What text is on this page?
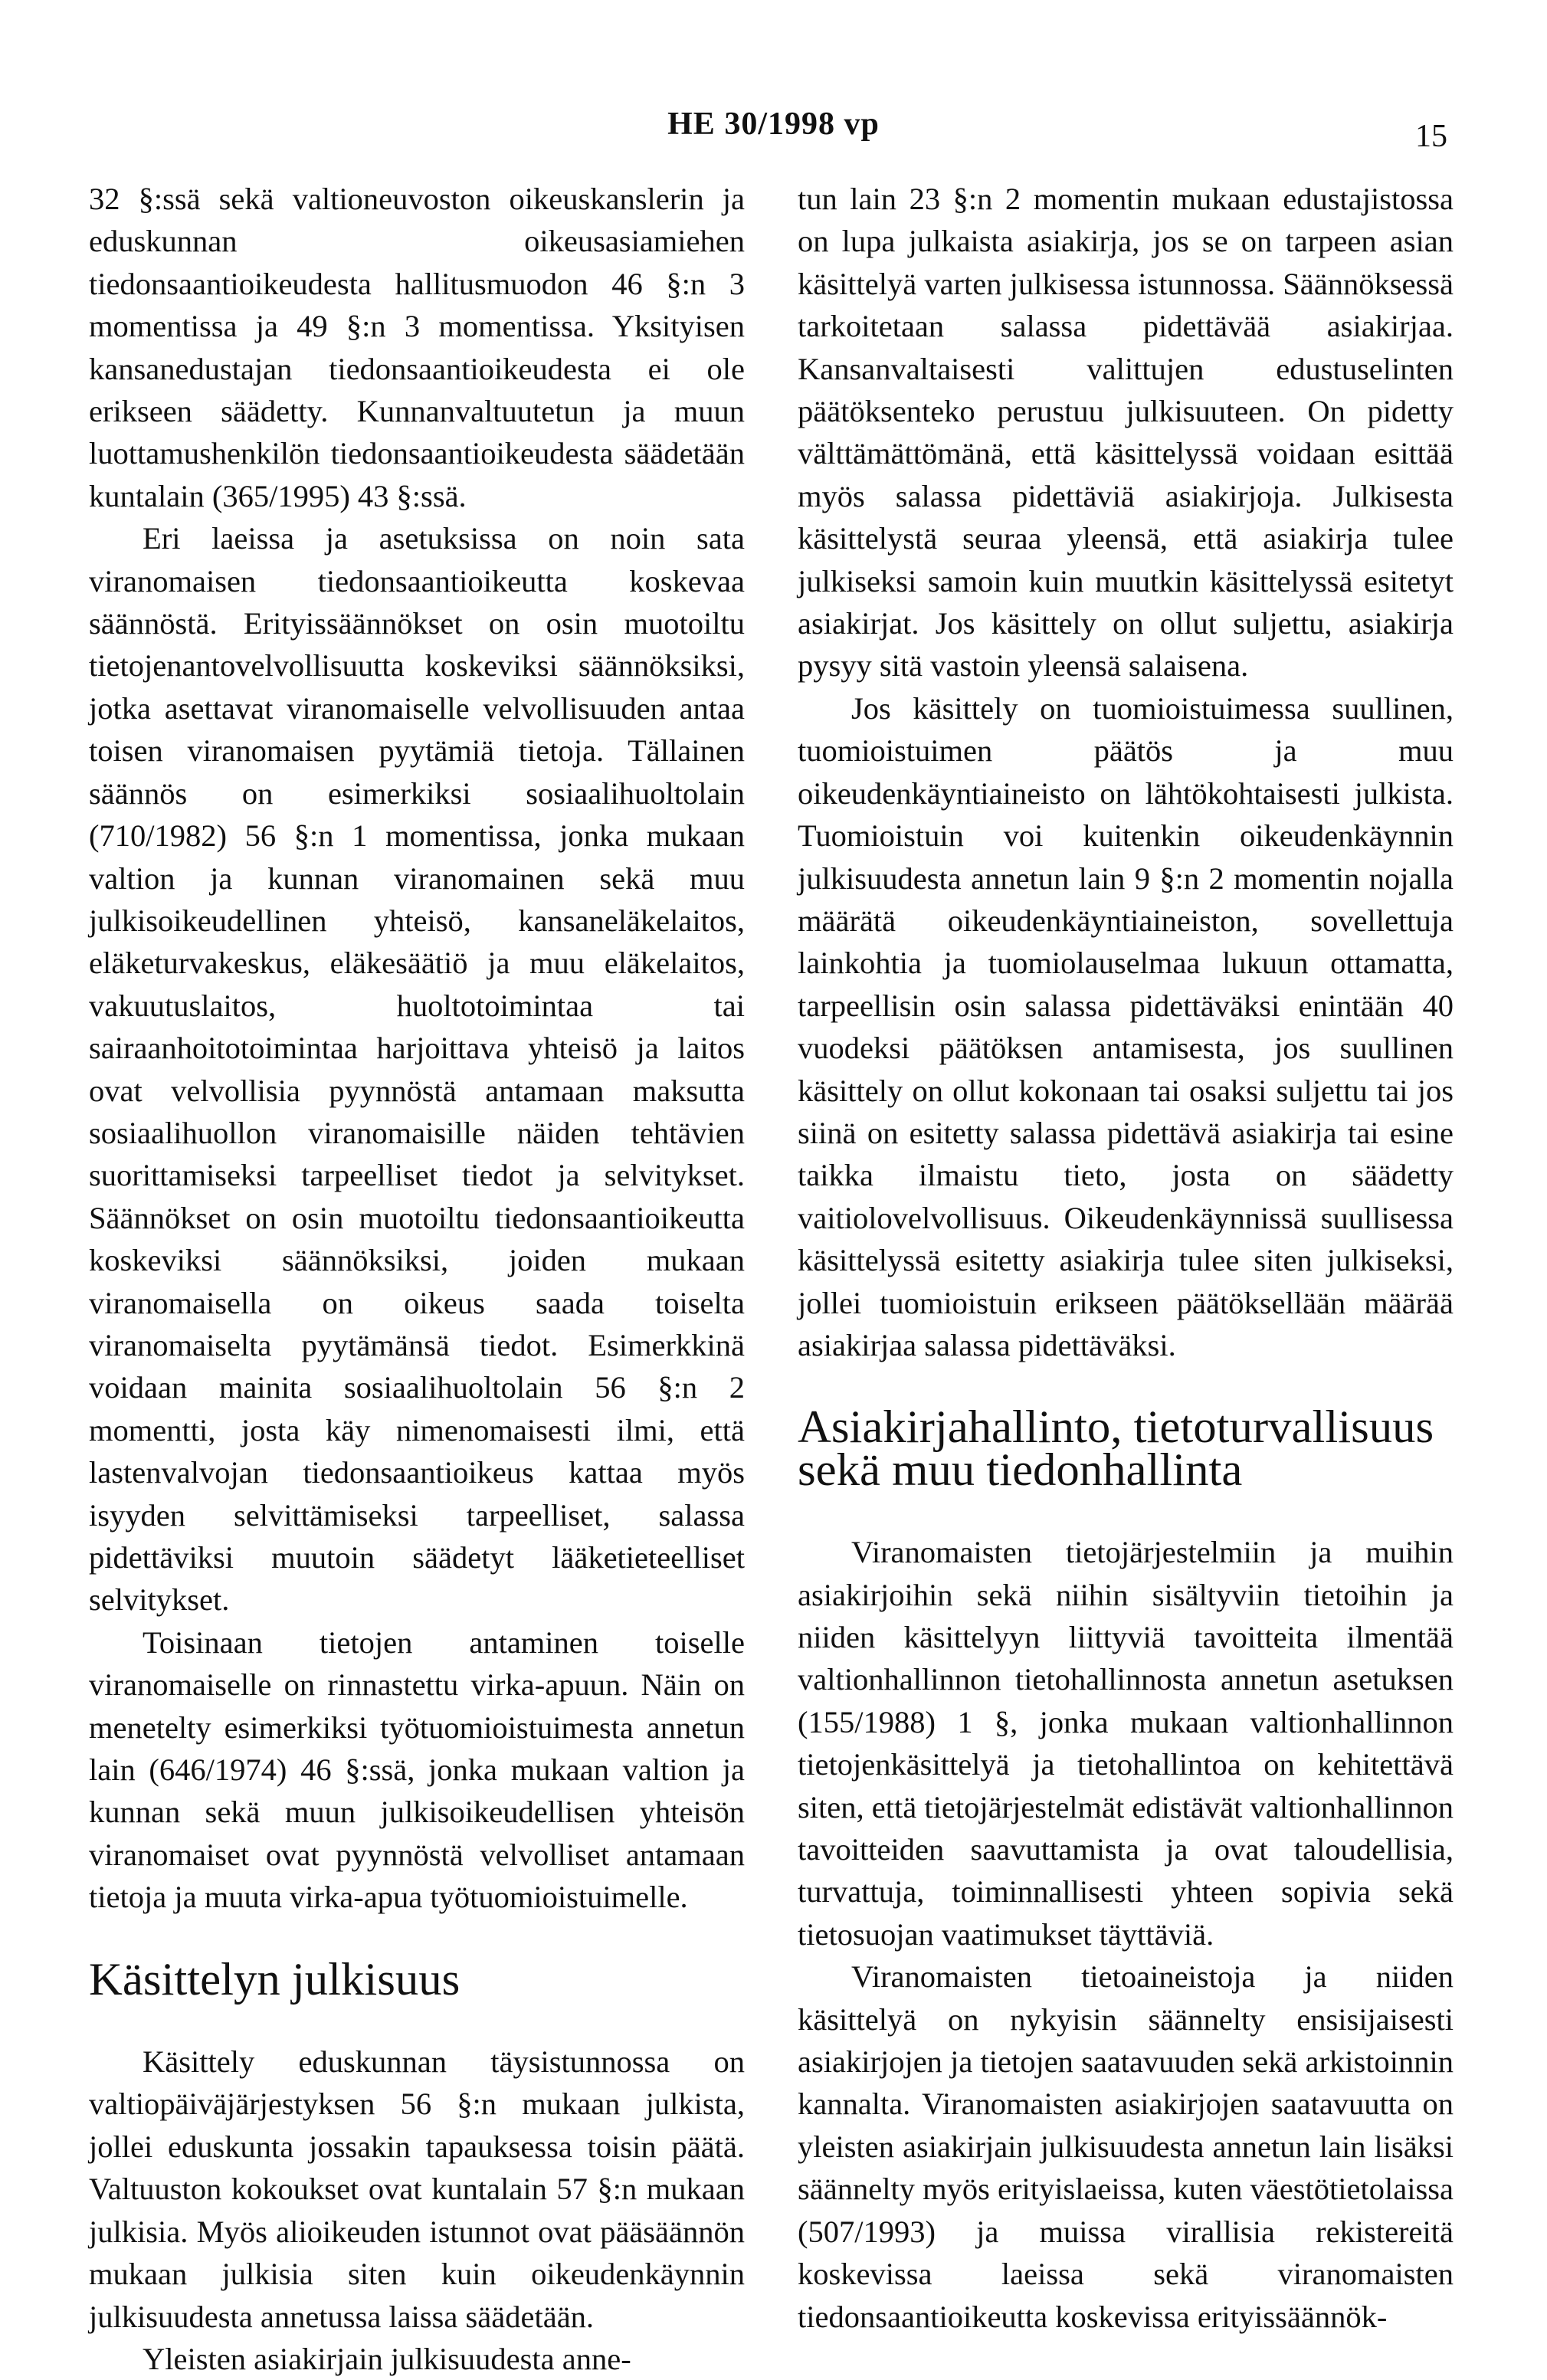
HE 30/1998 vp	15

32 §:ssä sekä valtioneuvoston oikeuskanslerin ja eduskunnan oikeusasiamiehen tiedonsaantioikeudesta hallitusmuodon 46 §:n 3 momentissa ja 49 §:n 3 momentissa. Yksityisen kansanedustajan tiedonsaantioikeudesta ei ole erikseen säädetty. Kunnanvaltuutetun ja muun luottamushenkilön tiedonsaantioikeudesta säädetään kuntalain (365/1995) 43 §:ssä.

Eri laeissa ja asetuksissa on noin sata viranomaisen tiedonsaantioikeutta koskevaa säännöstä. Erityissäännökset on osin muotoiltu tietojenantovelvollisuutta koskeviksi säännöksiksi, jotka asettavat viranomaiselle velvollisuuden antaa toisen viranomaisen pyytämiä tietoja. Tällainen säännös on esimerkiksi sosiaalihuoltolain (710/1982) 56 §:n 1 momentissa, jonka mukaan valtion ja kunnan viranomainen sekä muu julkisoikeudellinen yhteisö, kansaneläkelaitos, eläketurvakeskus, eläkesäätiö ja muu eläkelaitos, vakuutuslaitos, huoltotoimintaa tai sairaanhoitotoimintaa harjoittava yhteisö ja laitos ovat velvollisia pyynnöstä antamaan maksutta sosiaalihuollon viranomaisille näiden tehtävien suorittamiseksi tarpeelliset tiedot ja selvitykset. Säännökset on osin muotoiltu tiedonsaantioikeutta koskeviksi säännöksiksi, joiden mukaan viranomaisella on oikeus saada toiselta viranomaiselta pyytämänsä tiedot. Esimerkkinä voidaan mainita sosiaalihuoltolain 56 §:n 2 momentti, josta käy nimenomaisesti ilmi, että lastenvalvojan tiedonsaantioikeus kattaa myös isyyden selvittämiseksi tarpeelliset, salassa pidettäviksi muutoin säädetyt lääketieteelliset selvitykset.

Toisinaan tietojen antaminen toiselle viranomaiselle on rinnastettu virka-apuun. Näin on menetelty esimerkiksi työtuomioistuimesta annetun lain (646/1974) 46 §:ssä, jonka mukaan valtion ja kunnan sekä muun julkisoikeudellisen yhteisön viranomaiset ovat pyynnöstä velvolliset antamaan tietoja ja muuta virka-apua työtuomioistuimelle.

Käsittelyn julkisuus

Käsittely eduskunnan täysistunnossa on valtiopäiväjärjestyksen 56 §:n mukaan julkista, jollei eduskunta jossakin tapauksessa toisin päätä. Valtuuston kokoukset ovat kuntalain 57 §:n mukaan julkisia. Myös alioikeuden istunnot ovat pääsäännön mukaan julkisia siten kuin oikeudenkäynnin julkisuudesta annetussa laissa säädetään.

Yleisten asiakirjain julkisuudesta anne-

tun lain 23 §:n 2 momentin mukaan edustajistossa on lupa julkaista asiakirja, jos se on tarpeen asian käsittelyä varten julkisessa istunnossa. Säännöksessä tarkoitetaan salassa pidettävää asiakirjaa. Kansanvaltaisesti valittujen edustuselinten päätöksenteko perustuu julkisuuteen. On pidetty välttämättömänä, että käsittelyssä voidaan esittää myös salassa pidettäviä asiakirjoja. Julkisesta käsittelystä seuraa yleensä, että asiakirja tulee julkiseksi samoin kuin muutkin käsittelyssä esitetyt asiakirjat. Jos käsittely on ollut suljettu, asiakirja pysyy sitä vastoin yleensä salaisena.

Jos käsittely on tuomioistuimessa suullinen, tuomioistuimen päätös ja muu oikeudenkäyntiaineisto on lähtökohtaisesti julkista. Tuomioistuin voi kuitenkin oikeudenkäynnin julkisuudesta annetun lain 9 §:n 2 momentin nojalla määrätä oikeudenkäyntiaineiston, sovellettuja lainkohtia ja tuomiolauselmaa lukuun ottamatta, tarpeellisin osin salassa pidettäväksi enintään 40 vuodeksi päätöksen antamisesta, jos suullinen käsittely on ollut kokonaan tai osaksi suljettu tai jos siinä on esitetty salassa pidettävä asiakirja tai esine taikka ilmaistu tieto, josta on säädetty vaitiolovelvollisuus. Oikeudenkäynnissä suullisessa käsittelyssä esitetty asiakirja tulee siten julkiseksi, jollei tuomioistuin erikseen päätöksellään määrää asiakirjaa salassa pidettäväksi.

Asiakirjahallinto, tietoturvallisuus sekä muu tiedonhallinta

Viranomaisten tietojärjestelmiin ja muihin asiakirjoihin sekä niihin sisältyviin tietoihin ja niiden käsittelyyn liittyviä tavoitteita ilmentää valtionhallinnon tietohallinnosta annetun asetuksen (155/1988) 1 §, jonka mukaan valtionhallinnon tietojenkäsittelyä ja tietohallintoa on kehitettävä siten, että tietojärjestelmät edistävät valtionhallinnon tavoitteiden saavuttamista ja ovat taloudellisia, turvattuja, toiminnallisesti yhteen sopivia sekä tietosuojan vaatimukset täyttäviä.

Viranomaisten tietoaineistoja ja niiden käsittelyä on nykyisin säännelty ensisijaisesti asiakirjojen ja tietojen saatavuuden sekä arkistoinnin kannalta. Viranomaisten asiakirjojen saatavuutta on yleisten asiakirjain julkisuudesta annetun lain lisäksi säännelty myös erityislaeissa, kuten väestötietolaissa (507/1993) ja muissa virallisia rekistereitä koskevissa laeissa sekä viranomaisten tiedonsaantioikeutta koskevissa erityissäännök-
